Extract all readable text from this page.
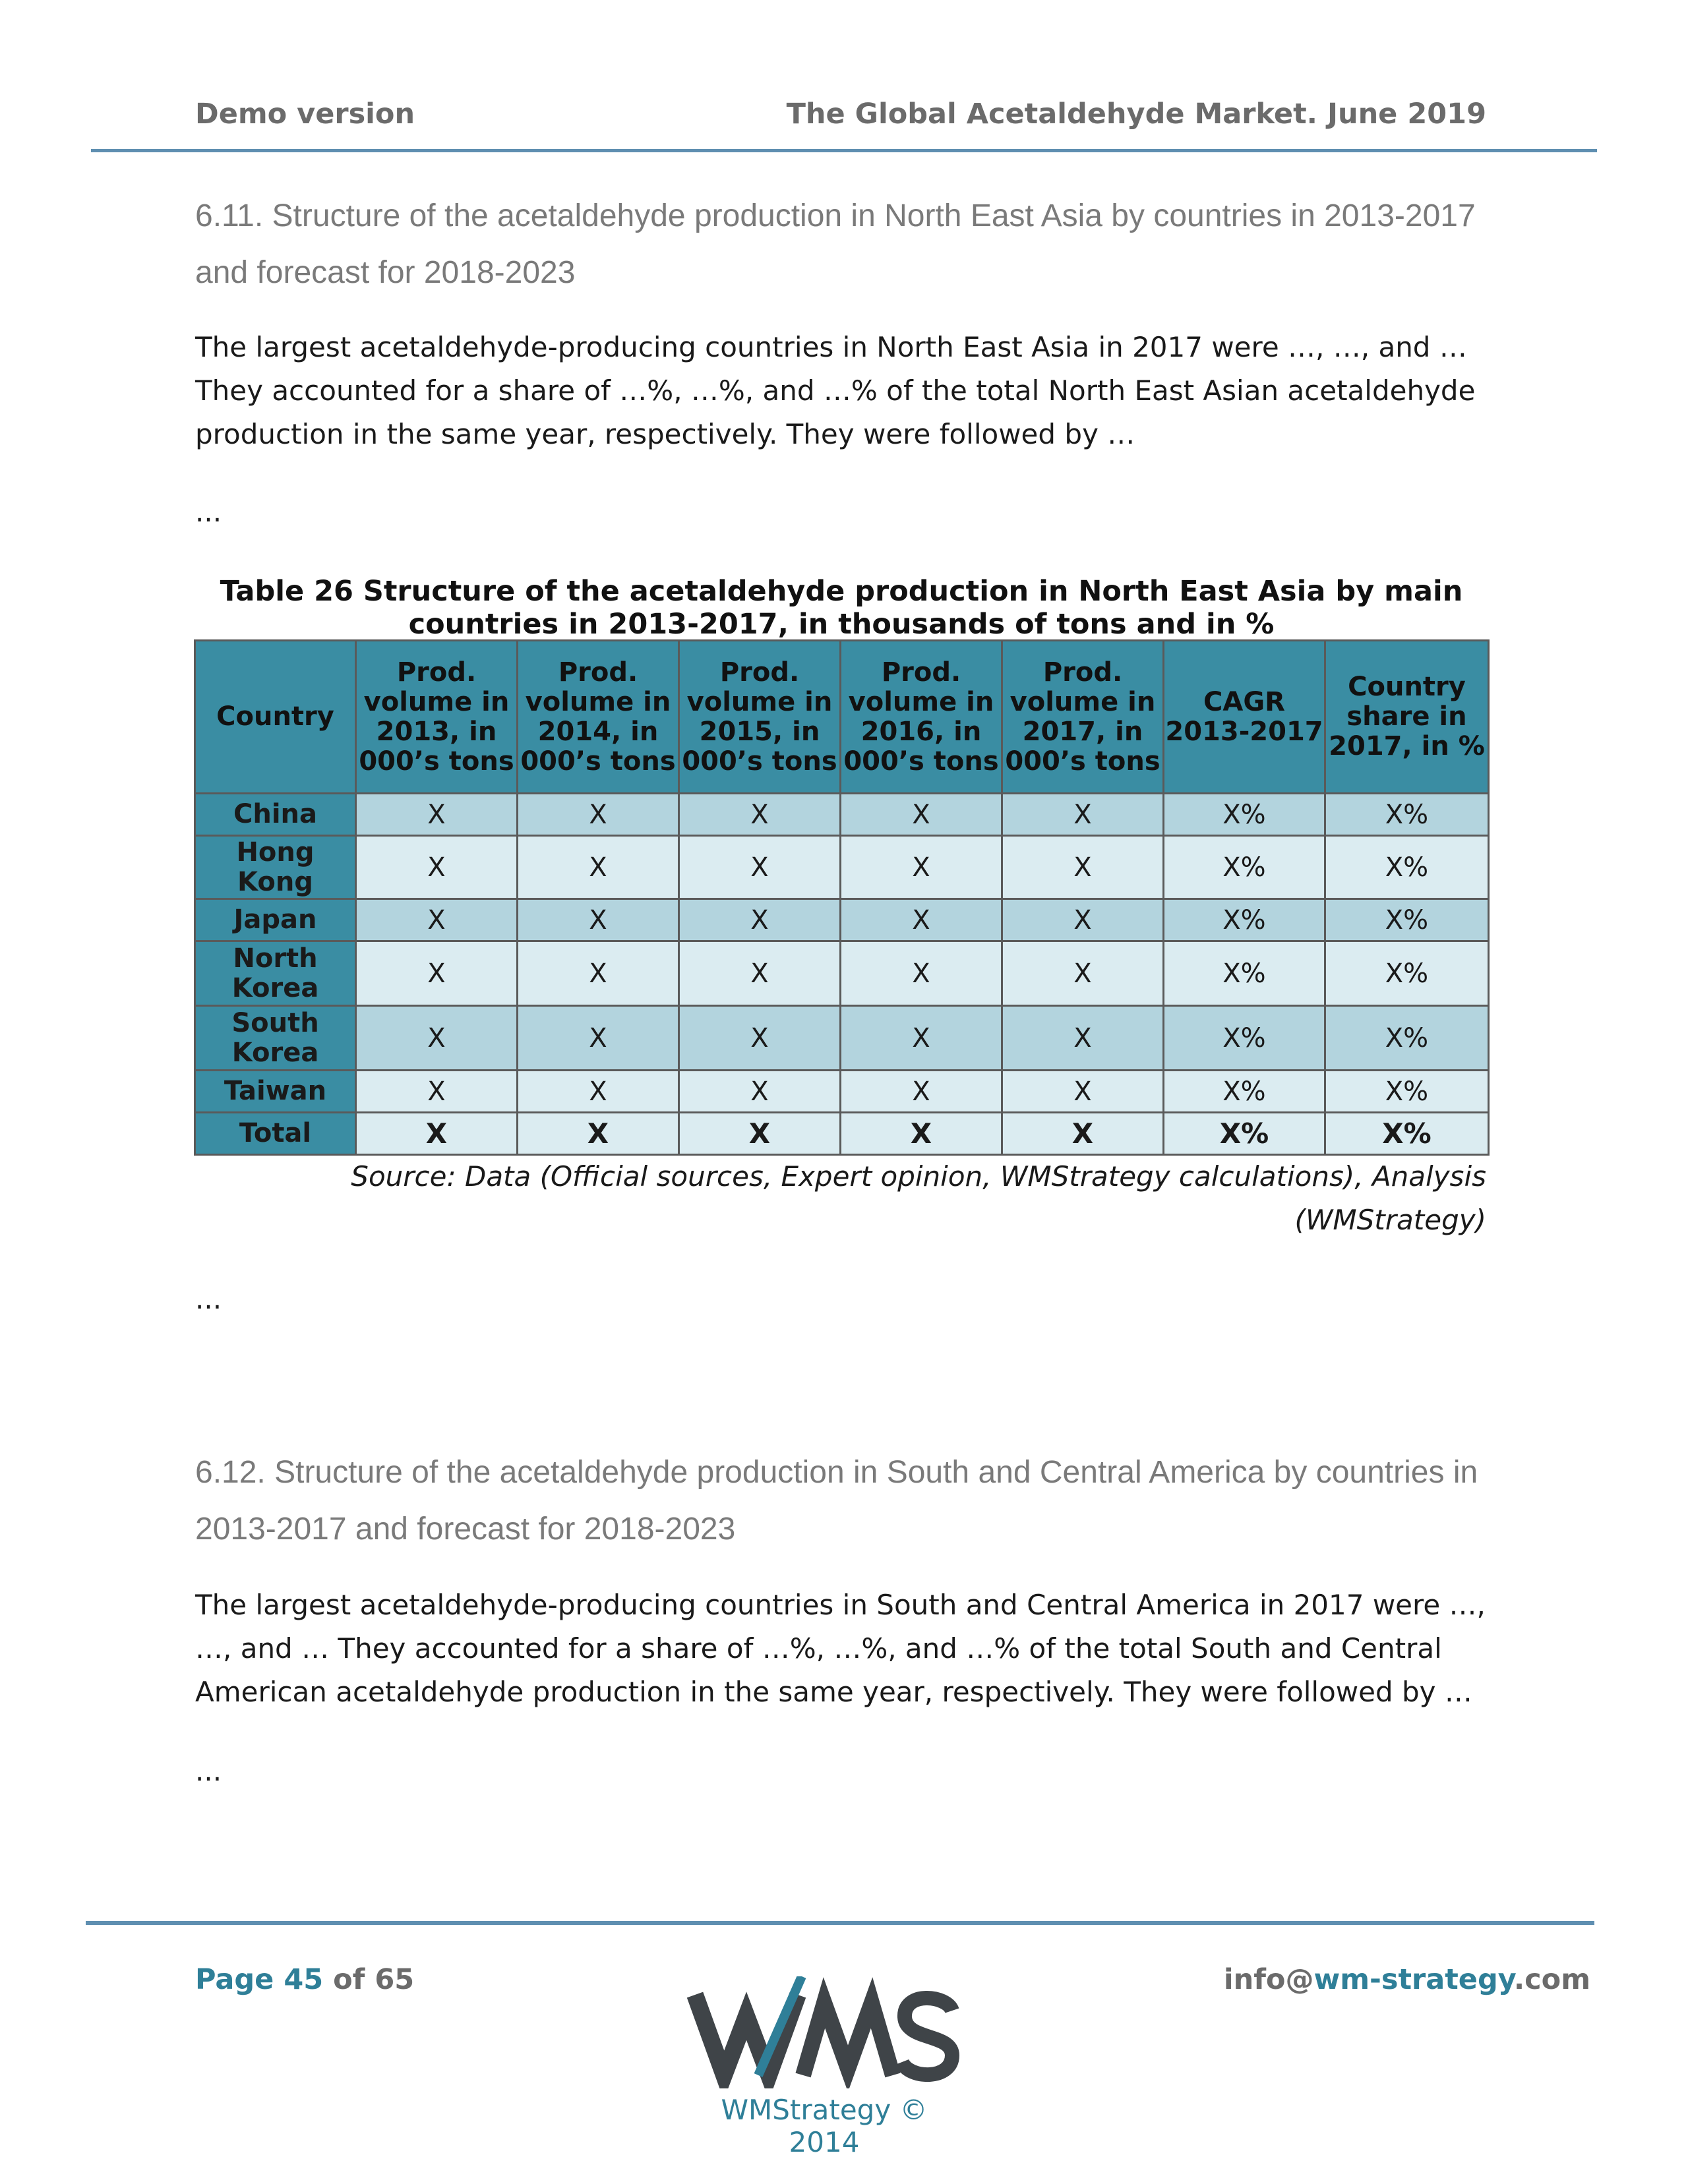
Demo version	The Global Acetaldehyde Market. June 2019
6.11. Structure of the acetaldehyde production in North East Asia by countries in 2013-2017 and forecast for 2018-2023
The largest acetaldehyde-producing countries in North East Asia in 2017 were …, …, and … They accounted for a share of …%, …%, and …% of the total North East Asian acetaldehyde production in the same year, respectively. They were followed by …
...
Table 26 Structure of the acetaldehyde production in North East Asia by main countries in 2013-2017, in thousands of tons and in %
Country	Prod. volume in 2013, in 000’s tons	Prod. volume in 2014, in 000’s tons	Prod. volume in 2015, in 000’s tons	Prod. volume in 2016, in 000’s tons	Prod. volume in 2017, in 000’s tons	CAGR 2013-2017	Country share in 2017, in %
China	X	X	X	X	X	X%	X%
Hong Kong	X	X	X	X	X	X%	X%
Japan	X	X	X	X	X	X%	X%
North Korea	X	X	X	X	X	X%	X%
South Korea	X	X	X	X	X	X%	X%
Taiwan	X	X	X	X	X	X%	X%
Total	X	X	X	X	X	X%	X%
Source: Data (Official sources, Expert opinion, WMStrategy calculations), Analysis (WMStrategy)
...
6.12. Structure of the acetaldehyde production in South and Central America by countries in 2013-2017 and forecast for 2018-2023
The largest acetaldehyde-producing countries in South and Central America in 2017 were …, …, and … They accounted for a share of …%, …%, and …% of the total South and Central American acetaldehyde production in the same year, respectively. They were followed by …
...
Page 45 of 65	info@wm-strategy.com
WMStrategy © 2014
